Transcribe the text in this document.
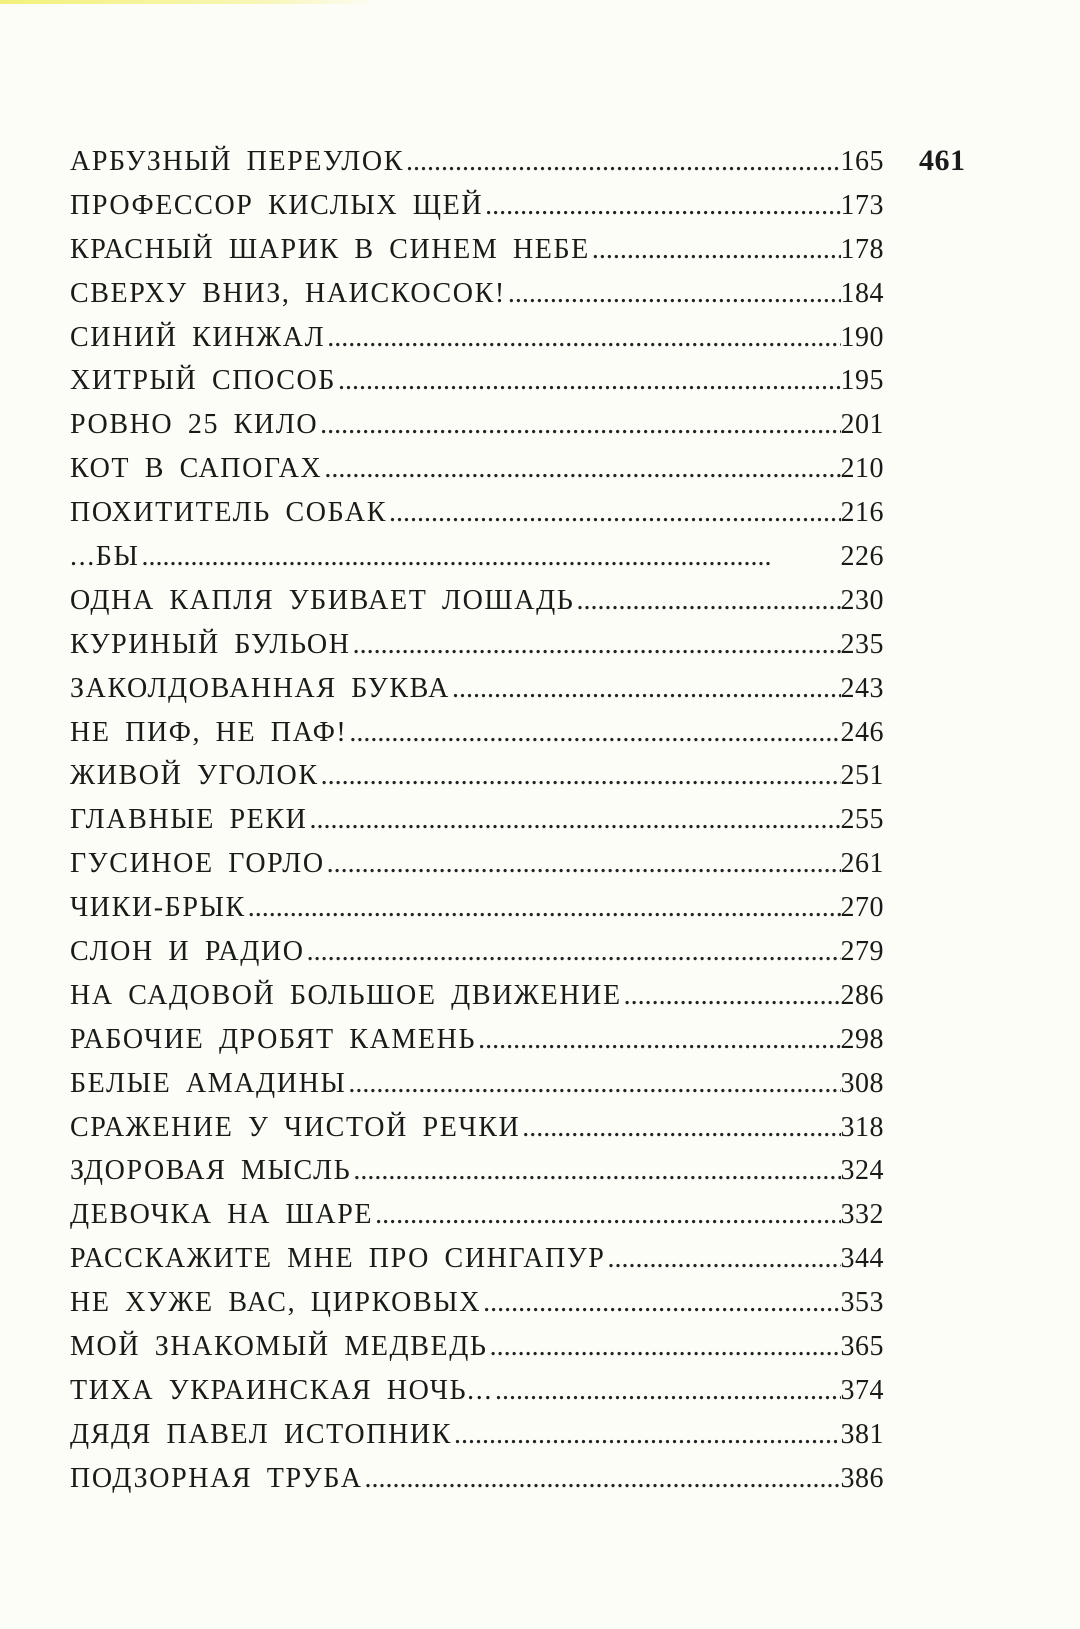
461
АРБУЗНЫЙ ПЕРЕУЛОК . . .	165
ПРОФЕССОР КИСЛЫХ ЩЕЙ . . .	173
КРАСНЫЙ ШАРИК В СИНЕМ НЕБЕ . . .	178
СВЕРХУ ВНИЗ, НАИСКОСОК! . . .	184
СИНИЙ КИНЖАЛ . . .	190
ХИТРЫЙ СПОСОБ . . .	195
РОВНО 25 КИЛО . . .	201
КОТ В САПОГАХ . . .	210
ПОХИТИТЕЛЬ СОБАК . . .	216
...БЫ . . .	226
ОДНА КАПЛЯ УБИВАЕТ ЛОШАДЬ . . .	230
КУРИНЫЙ БУЛЬОН . . .	235
ЗАКОЛДОВАННАЯ БУКВА . . .	243
НЕ ПИФ, НЕ ПАФ! . . .	246
ЖИВОЙ УГОЛОК . . .	251
ГЛАВНЫЕ РЕКИ . . .	255
ГУСИНОЕ ГОРЛО . . .	261
ЧИКИ-БРЫК . . .	270
СЛОН И РАДИО . . .	279
НА САДОВОЙ БОЛЬШОЕ ДВИЖЕНИЕ . . .	286
РАБОЧИЕ ДРОБЯТ КАМЕНЬ . . .	298
БЕЛЫЕ АМАДИНЫ . . .	308
СРАЖЕНИЕ У ЧИСТОЙ РЕЧКИ . . .	318
ЗДОРОВАЯ МЫСЛЬ . . .	324
ДЕВОЧКА НА ШАРЕ . . .	332
РАССКАЖИТЕ МНЕ ПРО СИНГАПУР . . .	344
НЕ ХУЖЕ ВАС, ЦИРКОВЫХ . . .	353
МОЙ ЗНАКОМЫЙ МЕДВЕДЬ . . .	365
ТИХА УКРАИНСКАЯ НОЧЬ... . . .	374
ДЯДЯ ПАВЕЛ ИСТОПНИК . . .	381
ПОДЗОРНАЯ ТРУБА . . .	386
